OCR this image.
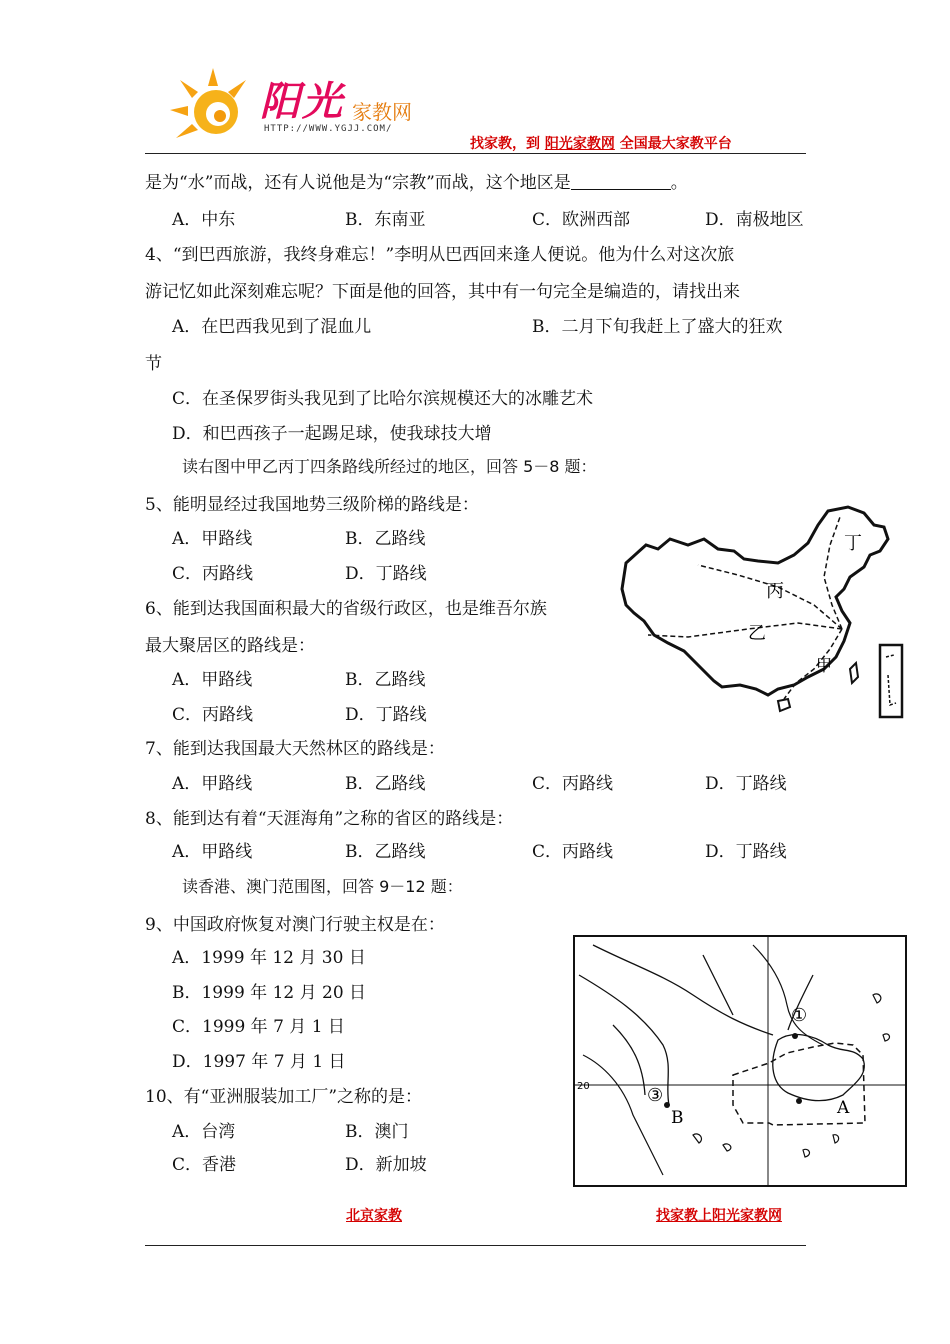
阳光 家教网
HTTP://WWW.YGJJ.COM/
找家教，到 阳光家教网 全国最大家教平台
是为“水”而战，还有人说他是为“宗教”而战，这个地区是	。
A．中东	B．东南亚	C．欧洲西部	D．南极地区
4、“到巴西旅游，我终身难忘！”李明从巴西回来逢人便说。他为什么对这次旅
游记忆如此深刻难忘呢？下面是他的回答，其中有一句完全是编造的，请找出来
A．在巴西我见到了混血儿	B．二月下旬我赶上了盛大的狂欢
节
C．在圣保罗街头我见到了比哈尔滨规模还大的冰雕艺术
D．和巴西孩子一起踢足球，使我球技大增
读右图中甲乙丙丁四条路线所经过的地区，回答 5－8 题：
5、能明显经过我国地势三级阶梯的路线是：
A．甲路线	B．乙路线
C．丙路线	D．丁路线
6、能到达我国面积最大的省级行政区，也是维吾尔族
最大聚居区的路线是：
A．甲路线	B．乙路线
C．丙路线	D．丁路线
7、能到达我国最大天然林区的路线是：
A．甲路线	B．乙路线	C．丙路线	D．丁路线
8、能到达有着“天涯海角”之称的省区的路线是：
A．甲路线	B．乙路线	C．丙路线	D．丁路线
读香港、澳门范围图，回答 9－12 题：
9、中国政府恢复对澳门行驶主权是在：
A．1999 年 12 月 30 日
B．1999 年 12 月 20 日
C．1999 年 7 月 1 日
D．1997 年 7 月 1 日
10、有“亚洲服装加工厂”之称的是：
A．台湾	B．澳门
C．香港	D．新加坡
丁
丙
乙
甲
①
③
B	A
20
北京家教	找家教上阳光家教网
